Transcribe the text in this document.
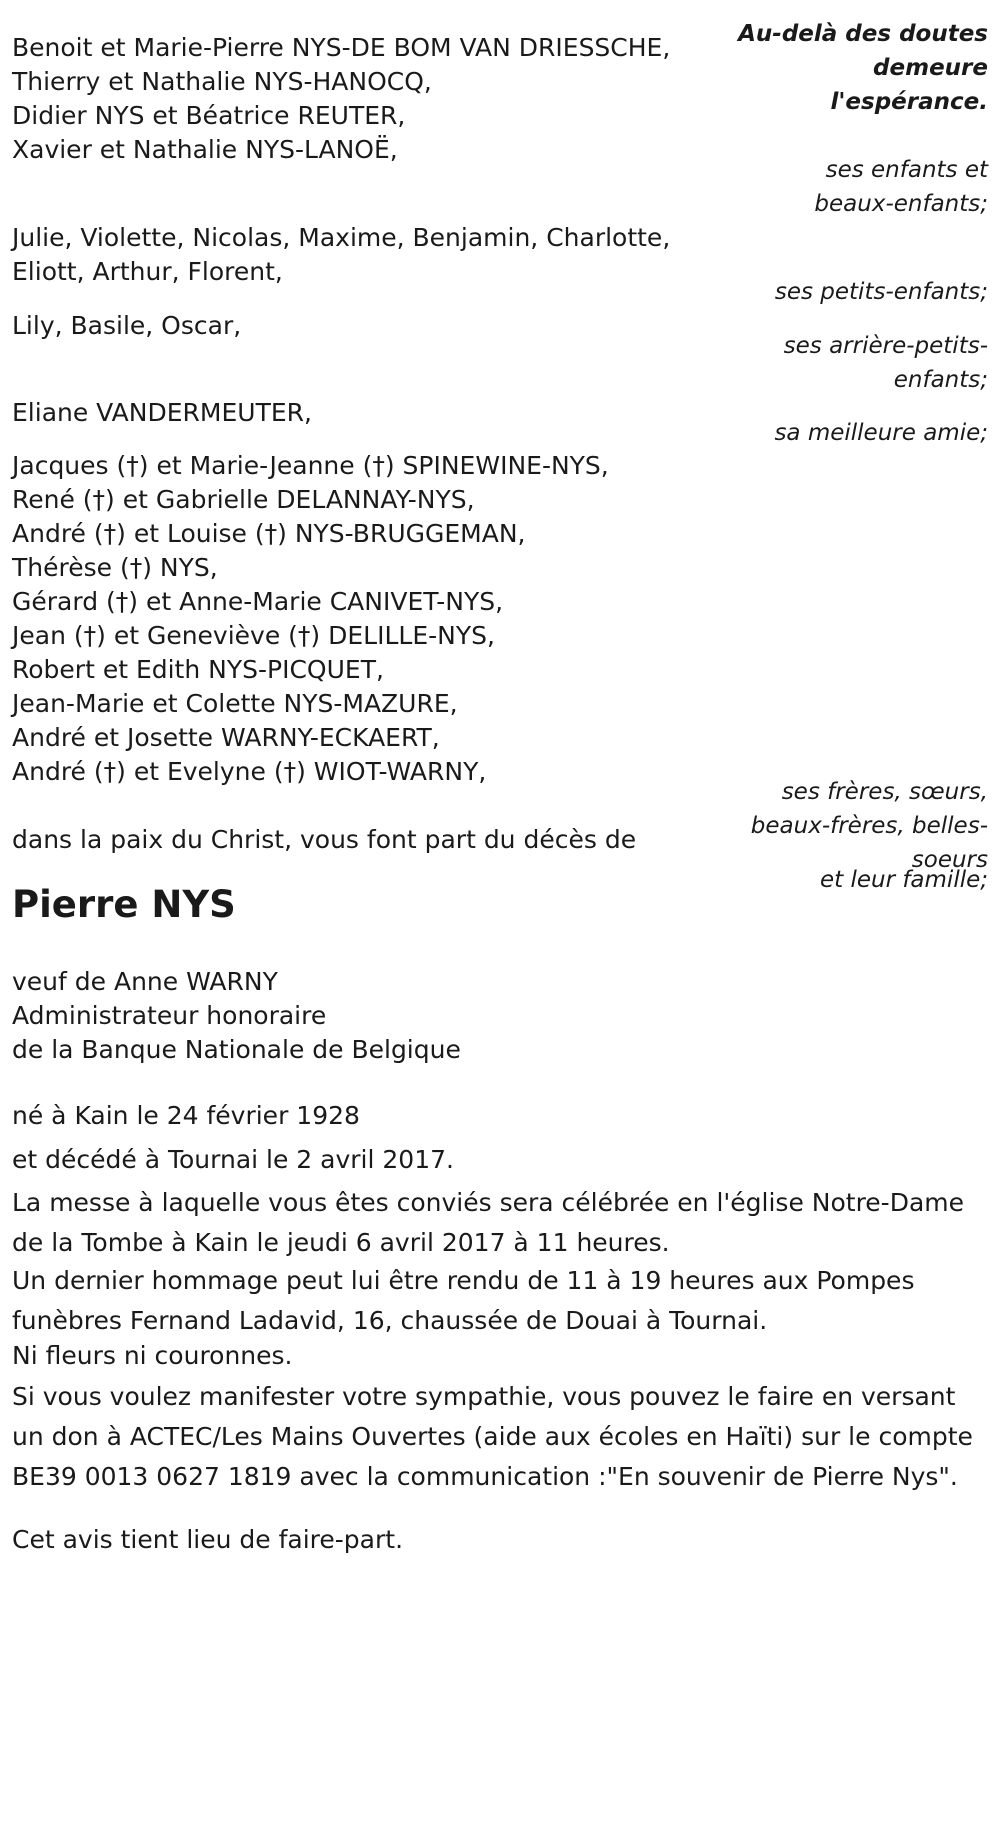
Au-delà des doutes
demeure
l'espérance.
Benoit et Marie-Pierre NYS-DE BOM VAN DRIESSCHE,
Thierry et Nathalie NYS-HANOCQ,
Didier NYS et Béatrice REUTER,
Xavier et Nathalie NYS-LANOË,
ses enfants et
beaux-enfants;
Julie, Violette, Nicolas, Maxime, Benjamin, Charlotte,
Eliott, Arthur, Florent,
ses petits-enfants;
Lily, Basile, Oscar,
ses arrière-petits-
enfants;
Eliane VANDERMEUTER,
sa meilleure amie;
Jacques (†) et Marie-Jeanne (†) SPINEWINE-NYS,
René (†) et Gabrielle DELANNAY-NYS,
André (†) et Louise (†) NYS-BRUGGEMAN,
Thérèse (†) NYS,
Gérard (†) et Anne-Marie CANIVET-NYS,
Jean (†) et Geneviève (†) DELILLE-NYS,
Robert et Edith NYS-PICQUET,
Jean-Marie et Colette NYS-MAZURE,
André et Josette WARNY-ECKAERT,
André (†) et Evelyne (†) WIOT-WARNY,
ses frères, sœurs,
beaux-frères, belles-
soeurs
et leur famille;
dans la paix du Christ, vous font part du décès de
Pierre NYS
veuf de Anne WARNY
Administrateur honoraire
de la Banque Nationale de Belgique
né à Kain le 24 février 1928
et décédé à Tournai le 2 avril 2017.
La messe à laquelle vous êtes conviés sera célébrée en l'église Notre-Dame de la Tombe à Kain le jeudi 6 avril 2017 à 11 heures.
Un dernier hommage peut lui être rendu de 11 à 19 heures aux Pompes funèbres Fernand Ladavid, 16, chaussée de Douai à Tournai.
Ni fleurs ni couronnes.
Si vous voulez manifester votre sympathie, vous pouvez le faire en versant un don à ACTEC/Les Mains Ouvertes (aide aux écoles en Haïti) sur le compte BE39 0013 0627 1819 avec la communication :"En souvenir de Pierre Nys".
Cet avis tient lieu de faire-part.
